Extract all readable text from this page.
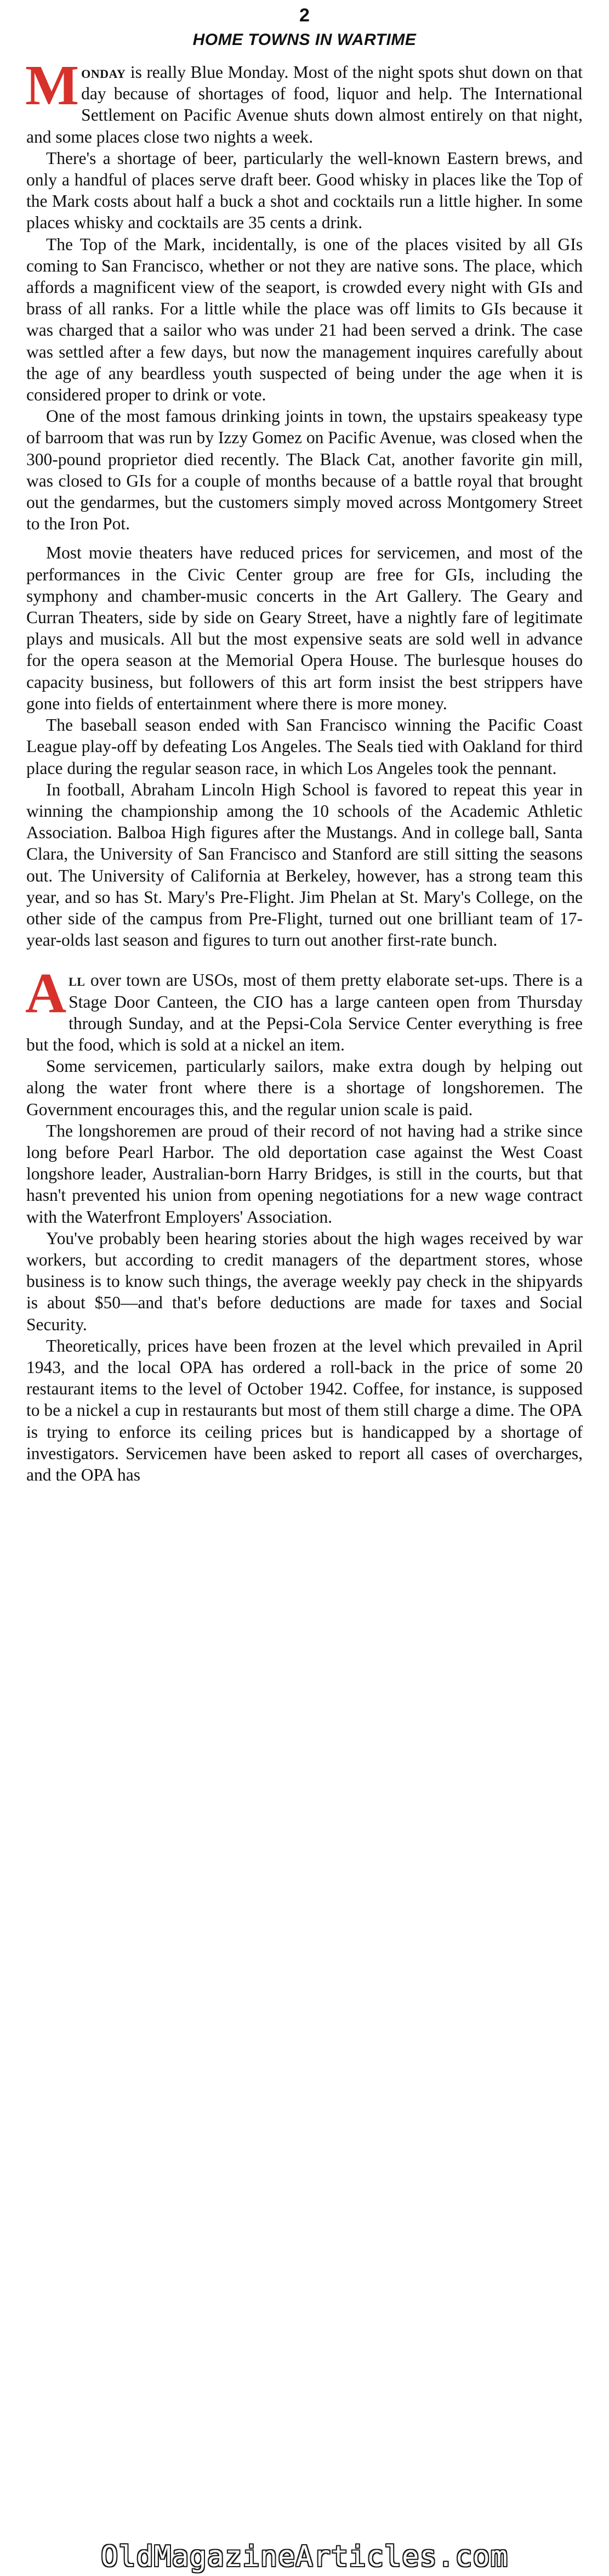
2
HOME TOWNS IN WARTIME

Monday is really Blue Monday. Most of the night spots shut down on that day because of shortages of food, liquor and help. The International Settlement on Pacific Avenue shuts down almost entirely on that night, and some places close two nights a week.

There's a shortage of beer, particularly the well-known Eastern brews, and only a handful of places serve draft beer. Good whisky in places like the Top of the Mark costs about half a buck a shot and cocktails run a little higher. In some places whisky and cocktails are 35 cents a drink.

The Top of the Mark, incidentally, is one of the places visited by all GIs coming to San Francisco, whether or not they are native sons. The place, which affords a magnificent view of the seaport, is crowded every night with GIs and brass of all ranks. For a little while the place was off limits to GIs because it was charged that a sailor who was under 21 had been served a drink. The case was settled after a few days, but now the management inquires carefully about the age of any beardless youth suspected of being under the age when it is considered proper to drink or vote.

One of the most famous drinking joints in town, the upstairs speakeasy type of barroom that was run by Izzy Gomez on Pacific Avenue, was closed when the 300-pound proprietor died recently. The Black Cat, another favorite gin mill, was closed to GIs for a couple of months because of a battle royal that brought out the gendarmes, but the customers simply moved across Montgomery Street to the Iron Pot.

Most movie theaters have reduced prices for servicemen, and most of the performances in the Civic Center group are free for GIs, including the symphony and chamber-music concerts in the Art Gallery. The Geary and Curran Theaters, side by side on Geary Street, have a nightly fare of legitimate plays and musicals. All but the most expensive seats are sold well in advance for the opera season at the Memorial Opera House. The burlesque houses do capacity business, but followers of this art form insist the best strippers have gone into fields of entertainment where there is more money.

The baseball season ended with San Francisco winning the Pacific Coast League play-off by defeating Los Angeles. The Seals tied with Oakland for third place during the regular season race, in which Los Angeles took the pennant.

In football, Abraham Lincoln High School is favored to repeat this year in winning the championship among the 10 schools of the Academic Athletic Association. Balboa High figures after the Mustangs. And in college ball, Santa Clara, the University of San Francisco and Stanford are still sitting the seasons out. The University of California at Berkeley, however, has a strong team this year, and so has St. Mary's Pre-Flight. Jim Phelan at St. Mary's College, on the other side of the campus from Pre-Flight, turned out one brilliant team of 17-year-olds last season and figures to turn out another first-rate bunch.

All over town are USOs, most of them pretty elaborate set-ups. There is a Stage Door Canteen, the CIO has a large canteen open from Thursday through Sunday, and at the Pepsi-Cola Service Center everything is free but the food, which is sold at a nickel an item.

Some servicemen, particularly sailors, make extra dough by helping out along the water front where there is a shortage of longshoremen. The Government encourages this, and the regular union scale is paid.

The longshoremen are proud of their record of not having had a strike since long before Pearl Harbor. The old deportation case against the West Coast longshore leader, Australian-born Harry Bridges, is still in the courts, but that hasn't prevented his union from opening negotiations for a new wage contract with the Waterfront Employers' Association.

You've probably been hearing stories about the high wages received by war workers, but according to credit managers of the department stores, whose business is to know such things, the average weekly pay check in the shipyards is about $50—and that's before deductions are made for taxes and Social Security.

Theoretically, prices have been frozen at the level which prevailed in April 1943, and the local OPA has ordered a roll-back in the price of some 20 restaurant items to the level of October 1942. Coffee, for instance, is supposed to be a nickel a cup in restaurants but most of them still charge a dime. The OPA is trying to enforce its ceiling prices but is handicapped by a shortage of investigators. Servicemen have been asked to report all cases of overcharges, and the OPA has

OldMagazineArticles.com
